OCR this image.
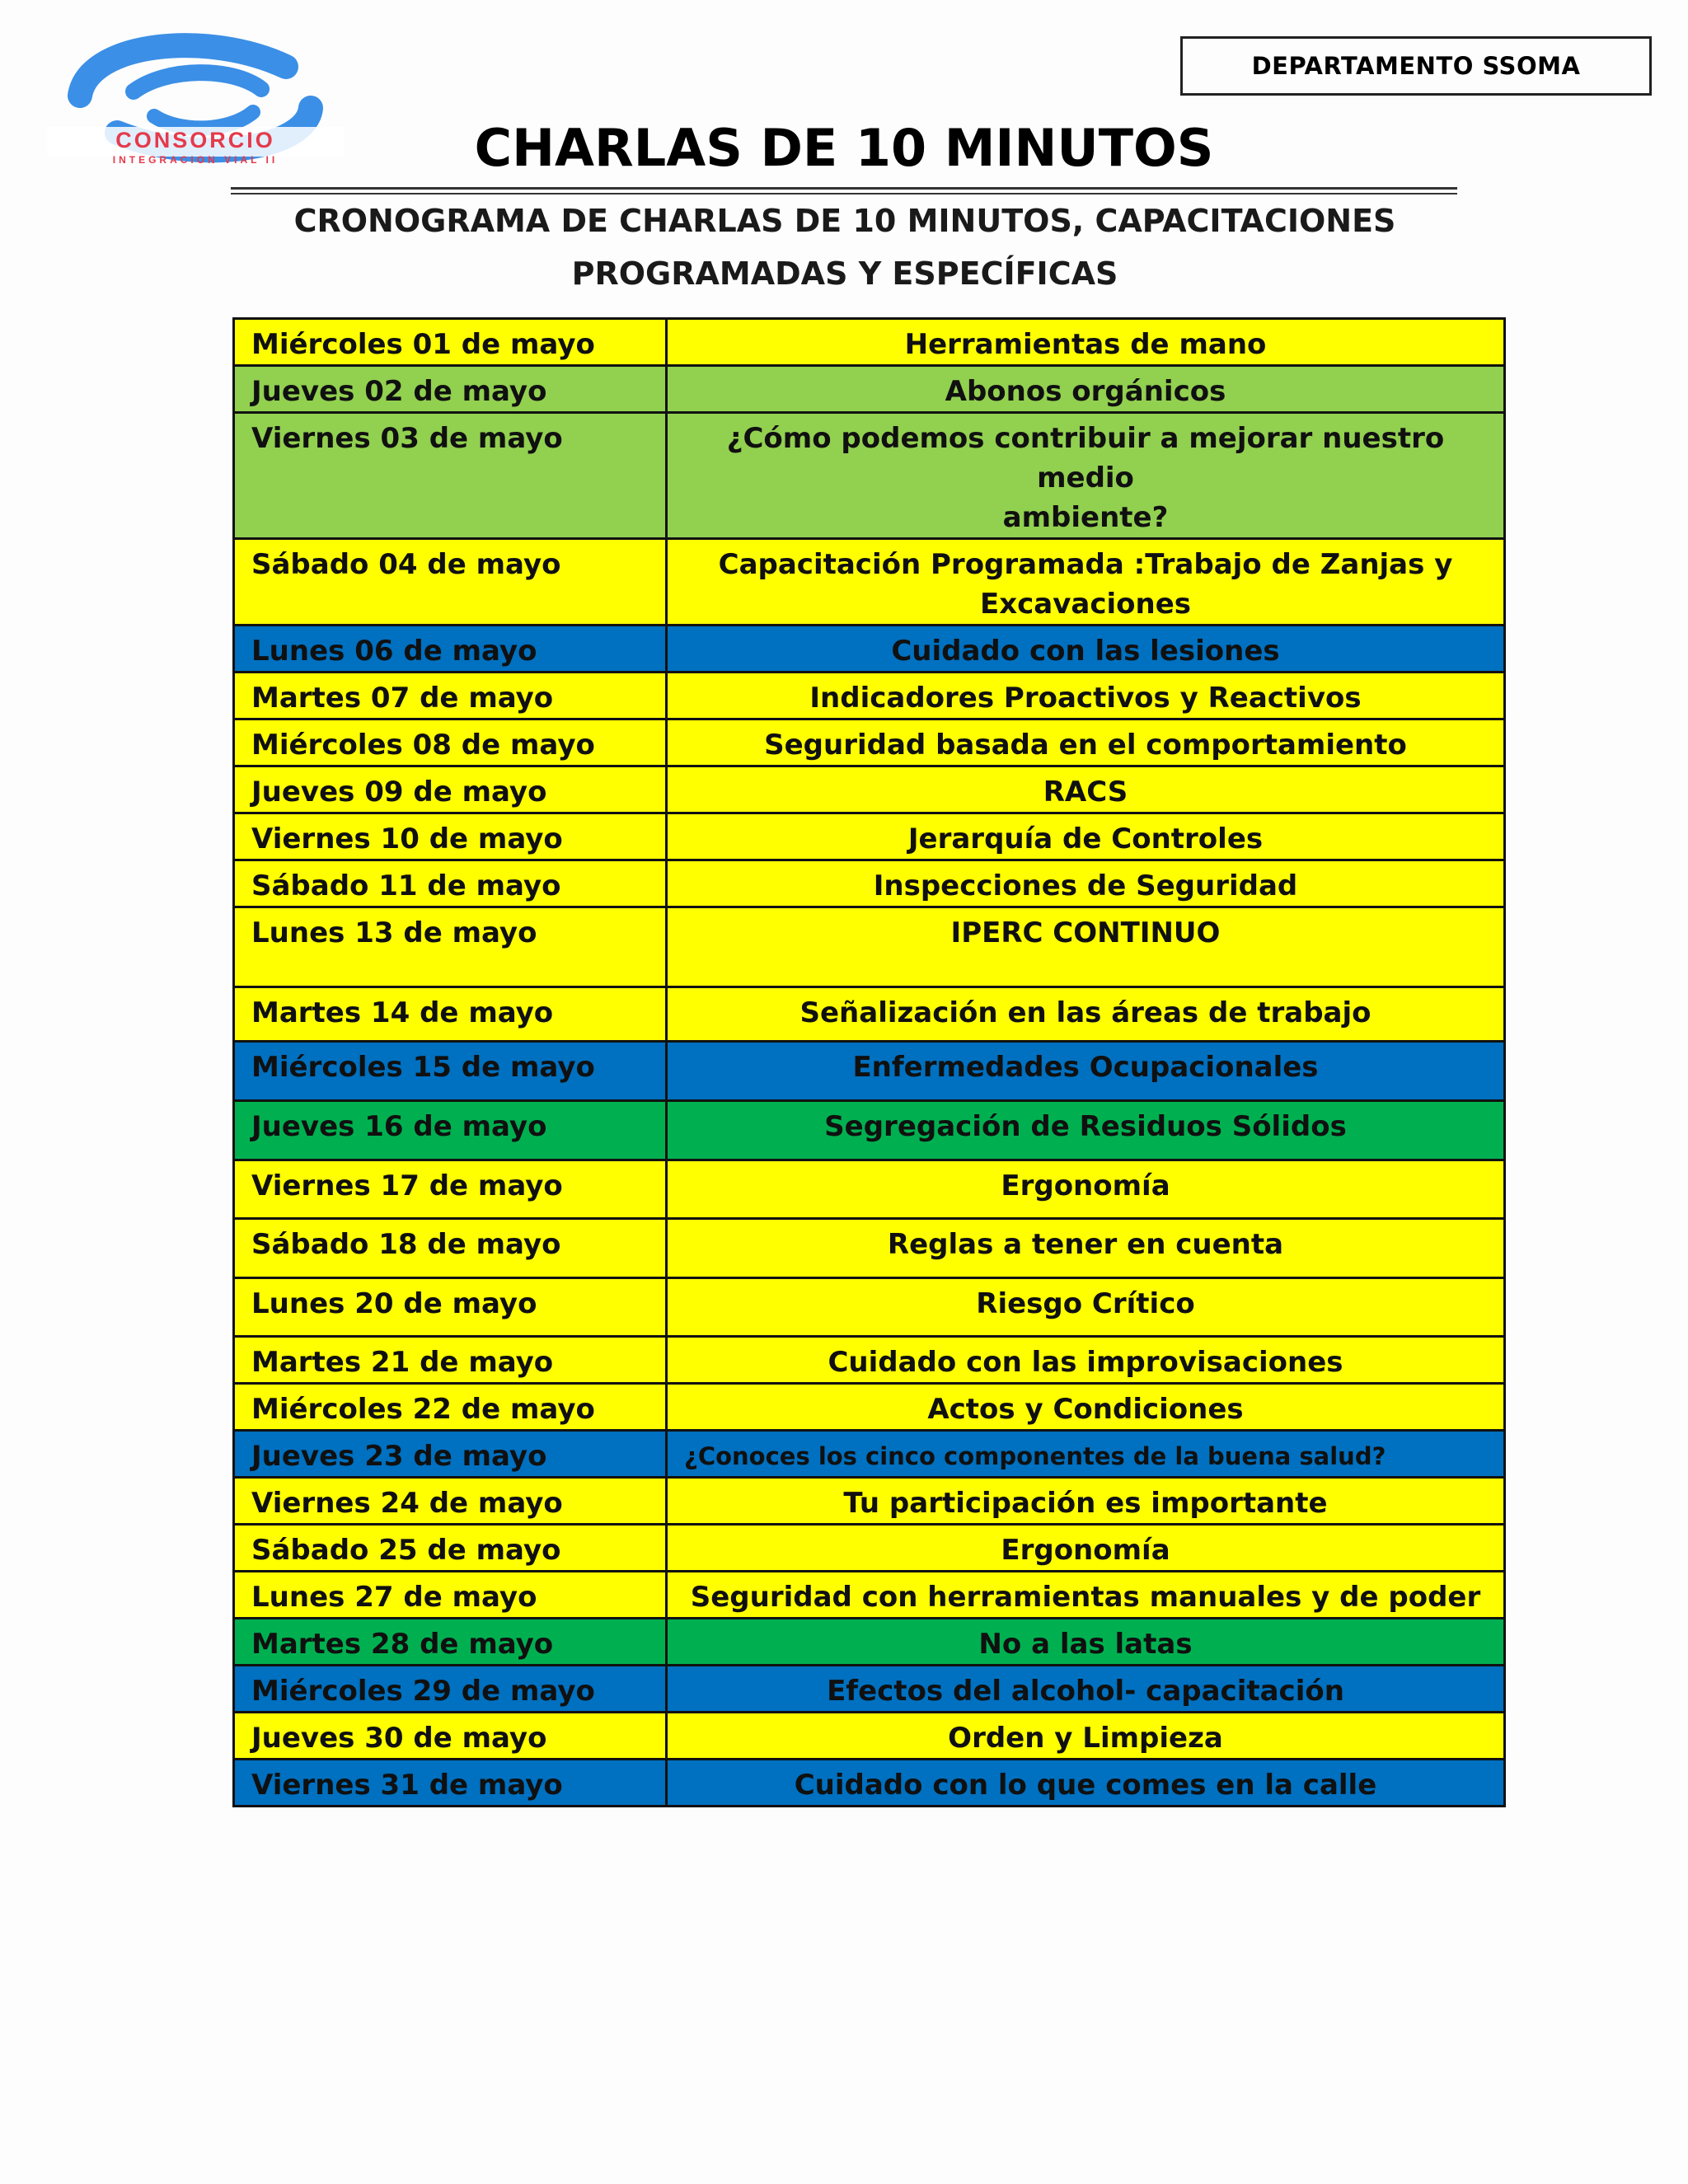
CONSORCIO
INTEGRACION VIAL II
DEPARTAMENTO SSOMA
CHARLAS DE 10 MINUTOS
CRONOGRAMA DE CHARLAS DE 10 MINUTOS, CAPACITACIONES
PROGRAMADAS Y ESPECÍFICAS
Miércoles 01 de mayo	Herramientas de mano
Jueves 02 de mayo	Abonos orgánicos
Viernes 03 de mayo	¿Cómo podemos contribuir a mejorar nuestro medio
ambiente?

Sábado 04 de mayo	Capacitación Programada :Trabajo de Zanjas y
Excavaciones

Lunes 06 de mayo	Cuidado con las lesiones
Martes 07 de mayo	Indicadores Proactivos y Reactivos
Miércoles 08 de mayo	Seguridad basada en el comportamiento
Jueves 09 de mayo	RACS
Viernes 10 de mayo	Jerarquía de Controles
Sábado 11 de mayo	Inspecciones de Seguridad
Lunes 13 de mayo	IPERC CONTINUO
Martes 14 de mayo	Señalización en las áreas de trabajo
Miércoles 15 de mayo	Enfermedades Ocupacionales
Jueves 16 de mayo	Segregación de Residuos Sólidos
Viernes 17 de mayo	Ergonomía
Sábado 18 de mayo	Reglas a tener en cuenta
Lunes 20 de mayo	Riesgo Crítico
Martes 21 de mayo	Cuidado con las improvisaciones
Miércoles 22 de mayo	Actos y Condiciones
Jueves 23 de mayo	¿Conoces los cinco componentes de la buena salud?
Viernes 24 de mayo	Tu participación es importante
Sábado 25 de mayo	Ergonomía
Lunes 27 de mayo	Seguridad con herramientas manuales y de poder
Martes 28 de mayo	No a las latas
Miércoles 29 de mayo	Efectos del alcohol- capacitación
Jueves 30 de mayo	Orden y Limpieza
Viernes 31 de mayo	Cuidado con lo que comes en la calle
